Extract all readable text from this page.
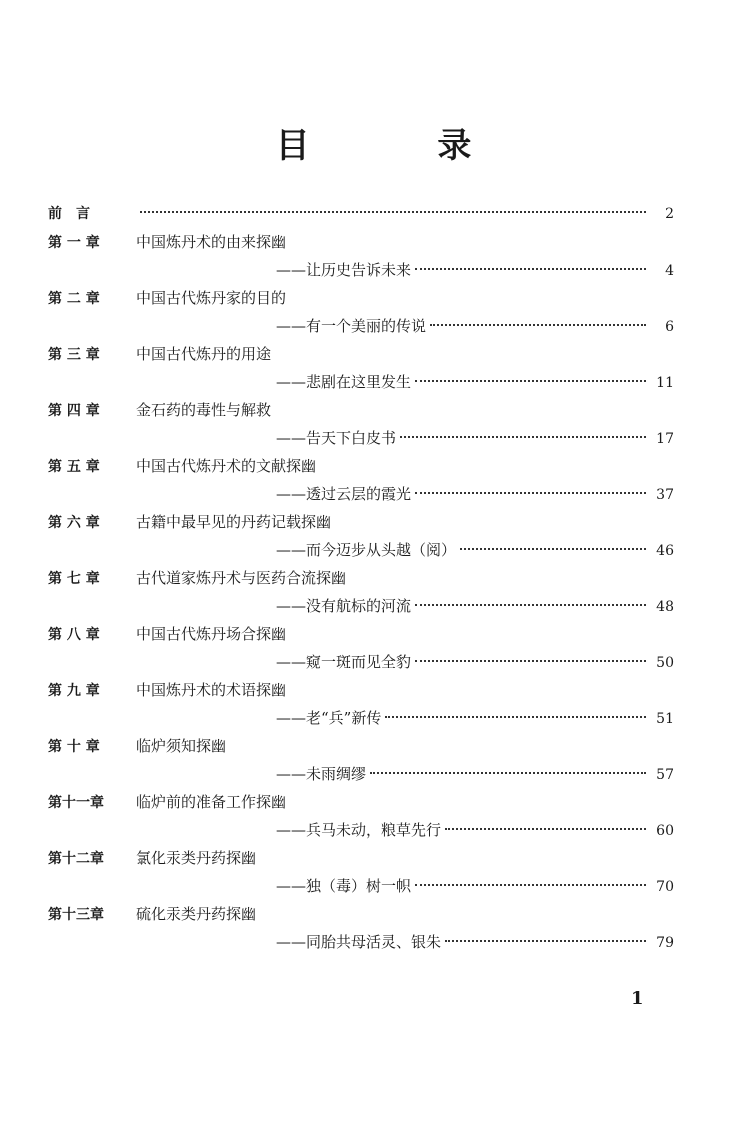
目 录
前　言	2
第 一 章	中国炼丹术的由来探幽
——让历史告诉未来	4
第 二 章	中国古代炼丹家的目的
——有一个美丽的传说	6
第 三 章	中国古代炼丹的用途
——悲剧在这里发生	11
第 四 章	金石药的毒性与解救
——告天下白皮书	17
第 五 章	中国古代炼丹术的文献探幽
——透过云层的霞光	37
第 六 章	古籍中最早见的丹药记载探幽
——而今迈步从头越（阅）	46
第 七 章	古代道家炼丹术与医药合流探幽
——没有航标的河流	48
第 八 章	中国古代炼丹场合探幽
——窥一斑而见全豹	50
第 九 章	中国炼丹术的术语探幽
——老“兵”新传	51
第 十 章	临炉须知探幽
——未雨绸缪	57
第十一章	临炉前的准备工作探幽
——兵马未动，粮草先行	60
第十二章	氯化汞类丹药探幽
——独（毒）树一帜	70
第十三章	硫化汞类丹药探幽
——同胎共母活灵、银朱	79
1
